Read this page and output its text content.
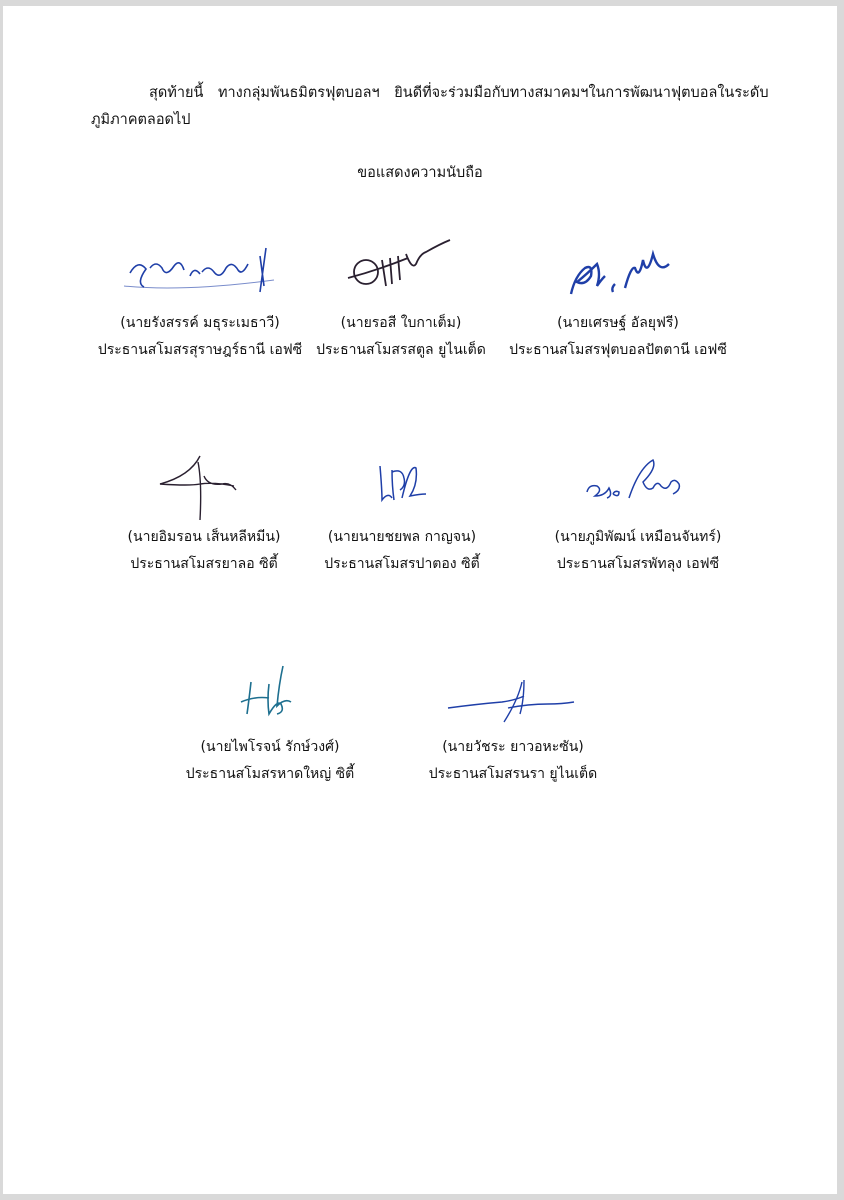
สุดท้ายนี้ ทางกลุ่มพันธมิตรฟุตบอลฯ ยินดีที่จะร่วมมือกับทางสมาคมฯในการพัฒนาฟุตบอลในระดับ
ภูมิภาคตลอดไป
ขอแสดงความนับถือ
(นายรังสรรค์ มธุระเมธาวี)
ประธานสโมสรสุราษฎร์ธานี เอฟซี
(นายรอสี ใบกาเต็ม)
ประธานสโมสรสตูล ยูไนเต็ด
(นายเศรษฐ์ อัลยุฟรี)
ประธานสโมสรฟุตบอลปัตตานี เอฟซี
(นายอิมรอน เส็นหลีหมีน)
ประธานสโมสรยาลอ ซิตี้
(นายนายชยพล กาญจน)
ประธานสโมสรปาตอง ซิตี้
(นายภูมิพัฒน์ เหมือนจันทร์)
ประธานสโมสรพัทลุง เอฟซี
(นายไพโรจน์ รักษ์วงศ์)
ประธานสโมสรหาดใหญ่ ซิตี้
(นายวัชระ ยาวอหะซัน)
ประธานสโมสรนรา ยูไนเต็ด
